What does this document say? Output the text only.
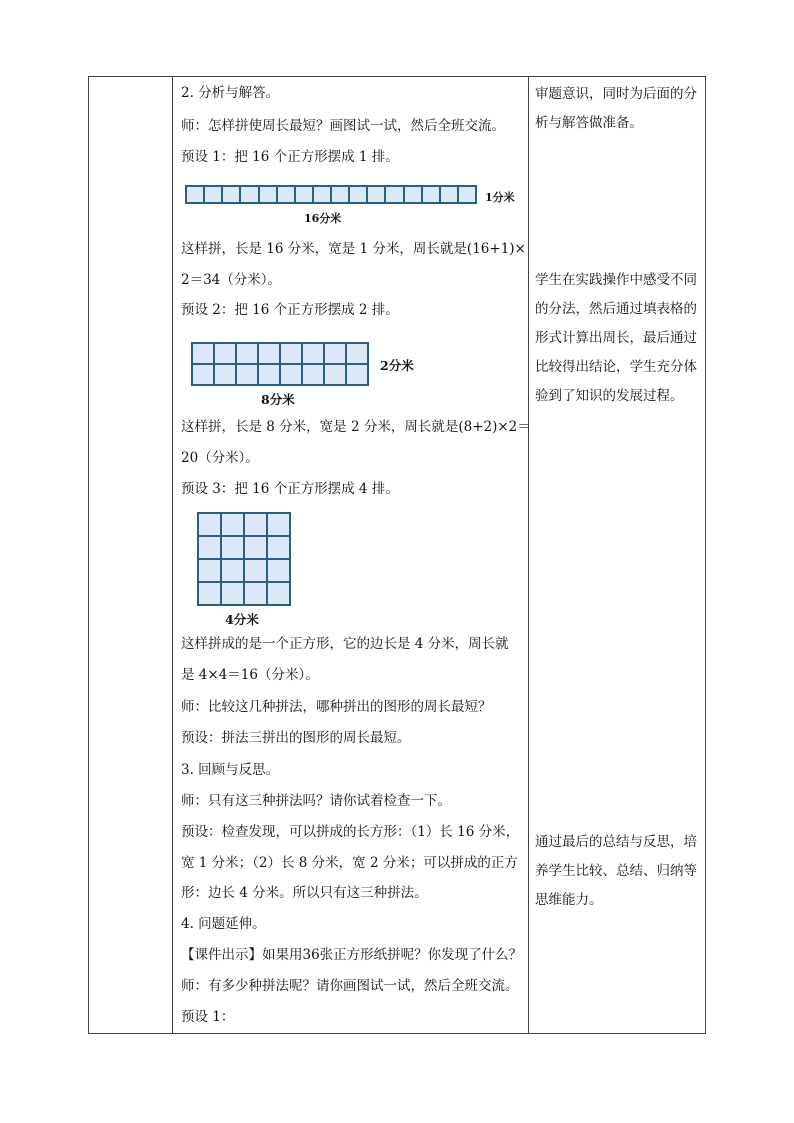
2. 分析与解答。

师：怎样拼使周长最短？画图试一试，然后全班交流。

预设 1：把 16 个正方形摆成 1 排。

1分米
16分米

这样拼，长是 16 分米，宽是 1 分米，周长就是(16+1)×

2＝34（分米）。

预设 2：把 16 个正方形摆成 2 排。

2分米
8分米

这样拼，长是 8 分米，宽是 2 分米，周长就是(8+2)×2＝

20（分米）。

预设 3：把 16 个正方形摆成 4 排。

4分米

这样拼成的是一个正方形，它的边长是 4 分米，周长就

是 4×4＝16（分米）。

师：比较这几种拼法，哪种拼出的图形的周长最短？

预设：拼法三拼出的图形的周长最短。

3. 回顾与反思。

师：只有这三种拼法吗？请你试着检查一下。

预设：检查发现，可以拼成的长方形：（1）长 16 分米，

宽 1 分米；（2）长 8 分米，宽 2 分米；可以拼成的正方

形：边长 4 分米。所以只有这三种拼法。

4. 问题延伸。

【课件出示】如果用36张正方形纸拼呢？你发现了什么？

师：有多少种拼法呢？请你画图试一试，然后全班交流。

预设 1：

审题意识，同时为后面的分析与解答做准备。

学生在实践操作中感受不同的分法，然后通过填表格的形式计算出周长，最后通过比较得出结论，学生充分体验到了知识的发展过程。

通过最后的总结与反思，培养学生比较、总结、归纳等思维能力。
